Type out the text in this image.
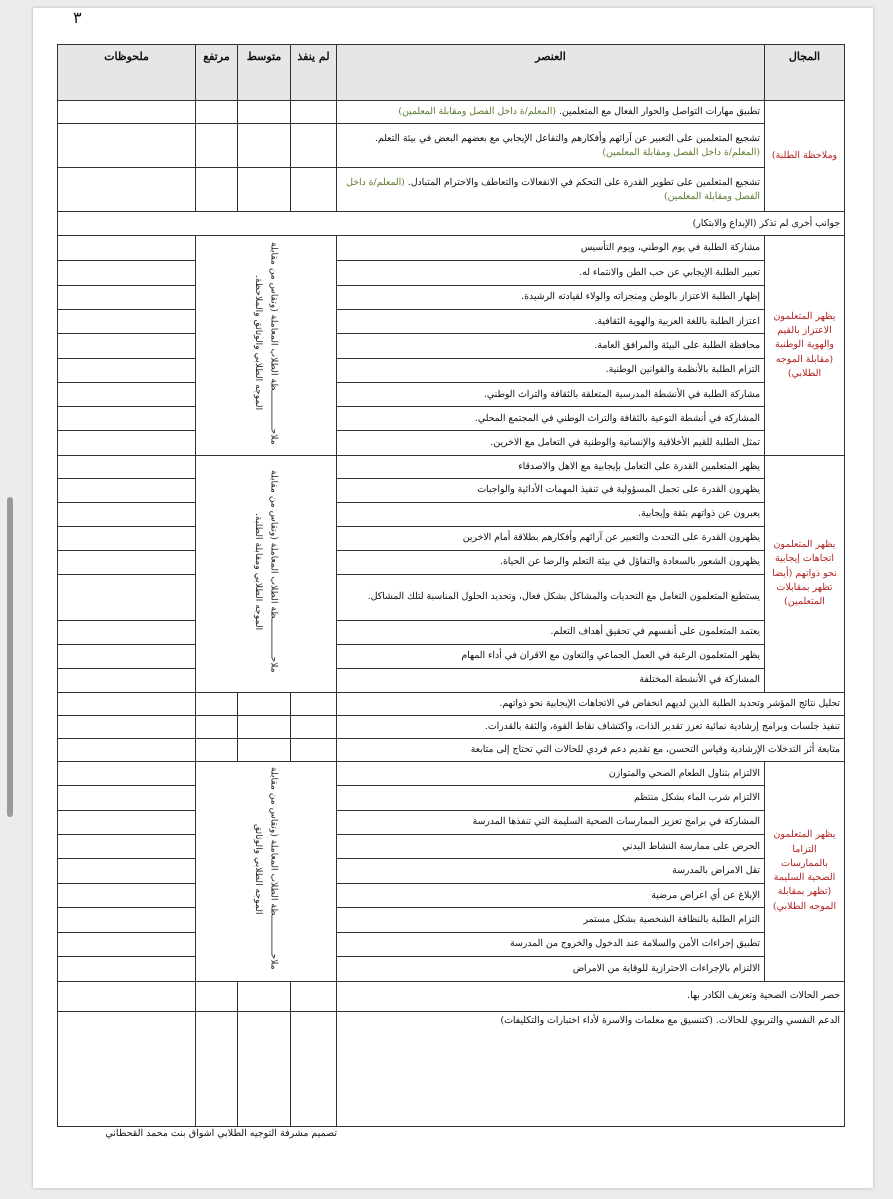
٣
المجال	العنصر	لم ينفذ	متوسط	مرتفع	ملحوظات
وملاحظة الطلبة)	تطبيق مهارات التواصل والحوار الفعال مع المتعلمين. (المعلم/ة داخل الفصل ومقابلة المعلمين)				
	تشجيع المتعلمين على التعبير عن آرائهم وأفكارهم والتفاعل الإيجابي مع بعضهم البعض في بيئة التعلم. (المعلم/ة داخل الفصل ومقابلة المعلمين)				
	تشجيع المتعلمين على تطوير القدرة على التحكم في الانفعالات والتعاطف والاحترام المتبادل. (المعلم/ة داخل الفصل ومقابلة المعلمين)				
جوانب أخرى لم تذكر (الإبداع والابتكار)					
يظهر المتعلمون الاعتزاز بالقيم والهوية الوطنية (مقابلة الموجه الطلابي)	مشاركة الطلبة في يوم الوطني، ويوم التأسيس	ملاحــــــــــــــظة الطلاب المعاملة (وتقاس من مقابلة الموجه الطلابي والوثائق والملاحظة.			
	تعبير الطلبة الإيجابي عن حب الطن والانتماء له.				
	إظهار الطلبة الاعتزاز بالوطن ومنجزاته والولاء لقيادته الرشيدة.				
	اعتزاز الطلبة باللغة العربية والهوية الثقافية.				
	محافظة الطلبة على البيئة والمرافق العامة.				
	التزام الطلبة بالأنظمة والقوانين الوطنية.				
	مشاركة الطلبة في الأنشطة المدرسية المتعلقة بالثقافة والتراث الوطني.				
	المشاركة في أنشطة التوعية بالثقافة والتراث الوطني في المجتمع المحلي.				
	تمثل الطلبة للقيم الأخلاقية والإنسانية والوطنية في التعامل مع الاخرين.				
يظهر المتعلمون اتجاهات إيجابية نحو ذواتهم (أيضا تظهر بمقابلات المتعلمين)	يظهر المتعلمين القدرة على التعامل بإيجابية مع الاهل والاصدقاء	ملاحــــــــــــــظة الطلاب المعاملة (وتقاس من مقابلة الموجه الطلابي ومقابلة الطلبة.			
	يظهرون القدرة على تحمل المسؤولية في تنفيذ المهمات الأدائية والواجبات				
	يعبرون عن ذواتهم بثقة وإيجابية.				
	يظهرون القدرة على التحدث والتعبير عن آرائهم وأفكارهم بطلاقة أمام الاخرين				
	يظهرون الشعور بالسعادة والتفاؤل في بيئة التعلم والرضا عن الحياة.				
	يستطيع المتعلمون التعامل مع التحديات والمشاكل بشكل فعال، وتحديد الحلول المناسبة لتلك المشاكل.				
	يعتمد المتعلمون على أنفسهم في تحقيق أهداف التعلم.				
	يظهر المتعلمون الرغبة في العمل الجماعي والتعاون مع الاقران في أداء المهام				
	المشاركة في الأنشطة المختلفة				
تحليل نتائج المؤشر وتحديد الطلبة الذين لديهم انخفاض في الاتجاهات الإيجابية نحو ذواتهم.					
تنفيذ جلسات وبرامج إرشادية نمائية تعزز تقدير الذات، واكتشاف نقاط القوة، والثقة بالقدرات.					
متابعة أثر التدخلات الإرشادية وقياس التحسن، مع تقديم دعم فردي للحالات التي تحتاج إلى متابعة					
يظهر المتعلمون التزاما بالممارسات الصحية السليمة (تظهر بمقابلة الموجه الطلابي)	الالتزام بتناول الطعام الصحي والمتوازن	ملاحــــــــــــــظة الطلاب المعاملة (وتقاس من مقابلة الموجه الطلابي والوثائق			
	الالتزام شرب الماء بشكل منتظم				
	المشاركة في برامج تعزيز الممارسات الصحية السليمة التي تنفذها المدرسة				
	الحرص على ممارسة النشاط البدني				
	تقل الامراض بالمدرسة				
	الإبلاغ عن أي اعراض مرضية				
	التزام الطلبة بالنظافة الشخصية بشكل مستمر				
	تطبيق إجراءات الأمن والسلامة عند الدخول والخروج من المدرسة				
	الالتزام بالإجراءات الاحترازية للوقاية من الامراض				
حصر الحالات الصحية وتعريف الكادر بها.					
الدعم النفسي والتربوي للحالات. (كتنسيق مع معلمات والاسرة لأداء اختبارات والتكليفات)					
تصميم مشرفة التوجيه الطلابي اشواق بنت محمد القحطاني
